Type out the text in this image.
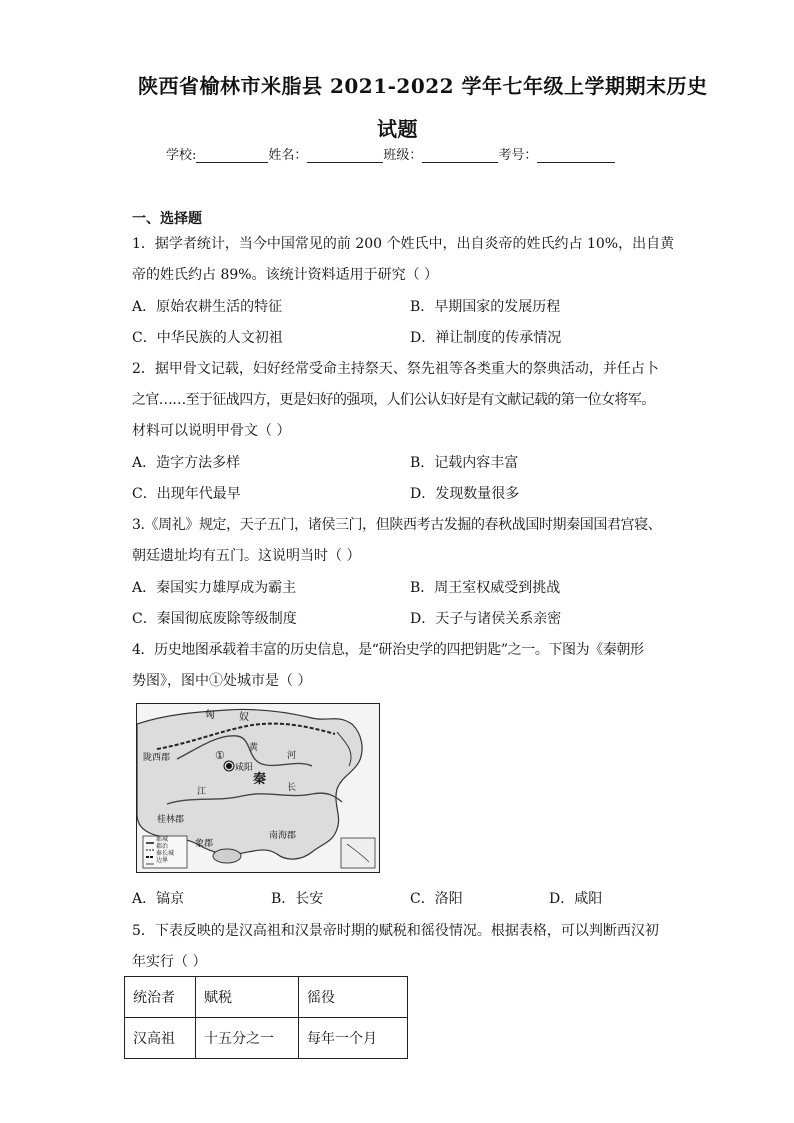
陕西省榆林市米脂县 2021-2022 学年七年级上学期期末历史
试题
学校:	姓名：	班级：	考号：
一、选择题
1．据学者统计，当今中国常见的前 200 个姓氏中，出自炎帝的姓氏约占 10%，出自黄
帝的姓氏约占 89%。该统计资料适用于研究（ ）
A．原始农耕生活的特征	B．早期国家的发展历程
C．中华民族的人文初祖	D．禅让制度的传承情况
2．据甲骨文记载，妇好经常受命主持祭天、祭先祖等各类重大的祭典活动，并任占卜
之官……至于征战四方，更是妇好的强项，人们公认妇好是有文献记载的第一位女将军。
材料可以说明甲骨文（ ）
A．造字方法多样	B．记载内容丰富
C．出现年代最早	D．发现数量很多
3.《周礼》规定，天子五门，诸侯三门，但陕西考古发掘的春秋战国时期秦国国君宫寝、
朝廷遗址均有五门。这说明当时（ ）
A．秦国实力雄厚成为霸主	B．周王室权威受到挑战
C．秦国彻底废除等级制度	D．天子与诸侯关系亲密
4．历史地图承载着丰富的历史信息，是“研治史学的四把钥匙”之一。下图为《秦朝形
势图》，图中①处城市是（ ）
匈 奴
陇西郡
咸阳
秦
桂林郡
象郡
南海郡
长
江
黄
河
①
都城
郡治
秦长城
边界
A．镐京	B．长安	C．洛阳	D．咸阳
5．下表反映的是汉高祖和汉景帝时期的赋税和徭役情况。根据表格，可以判断西汉初
年实行（ ）
统治者	赋税	徭役
汉高祖	十五分之一	每年一个月
